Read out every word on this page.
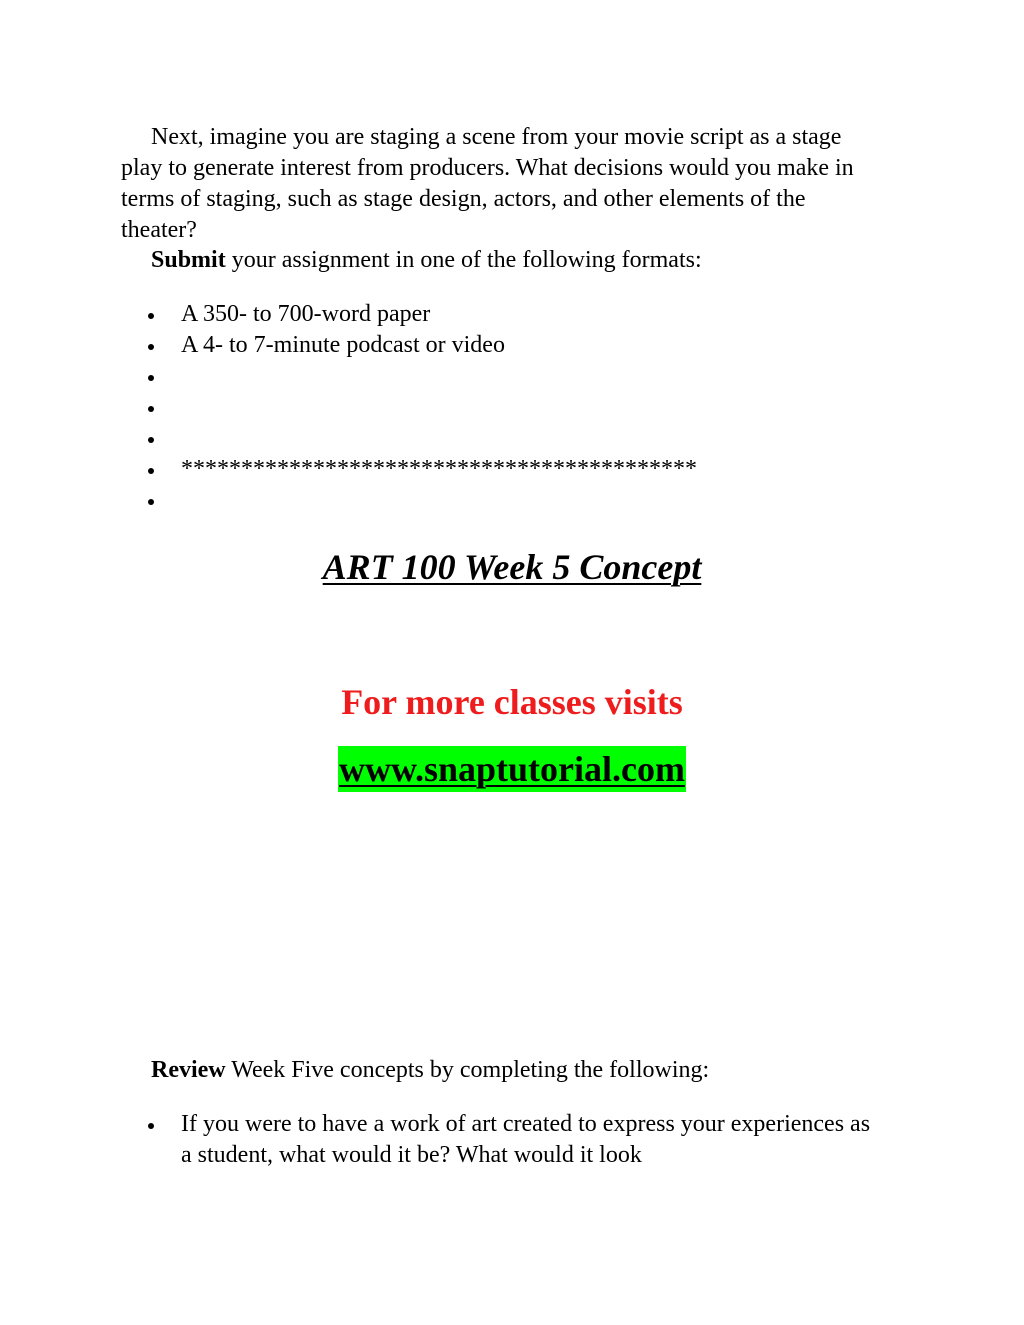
Next, imagine you are staging a scene from your movie script as a stage play to generate interest from producers. What decisions would you make in terms of staging, such as stage design, actors, and other elements of the theater?

Submit your assignment in one of the following formats:

A 350- to 700-word paper
A 4- to 7-minute podcast or video
*******************************************
ART 100 Week 5 Concept
For more classes visits

www.snaptutorial.com

Review Week Five concepts by completing the following:

If you were to have a work of art created to express your experiences as a student, what would it be? What would it look
